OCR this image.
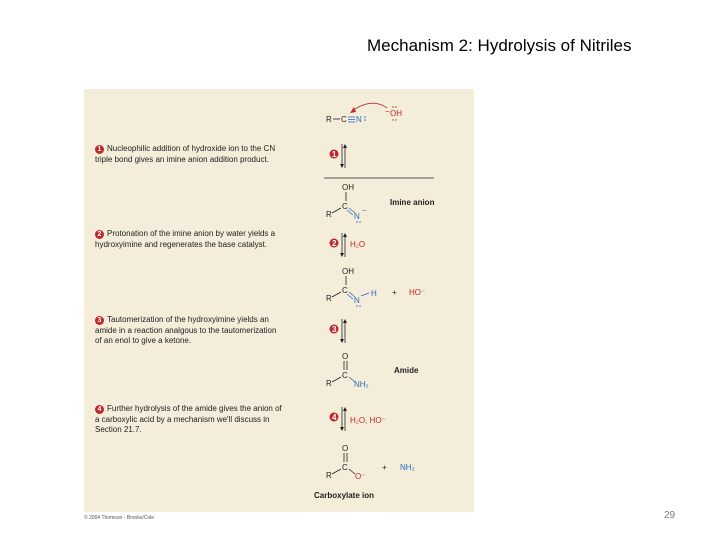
Mechanism 2: Hydrolysis of Nitriles
1 Nucleophilic addition of hydroxide ion to the CN triple bond gives an imine anion addition product.
2 Protonation of the imine anion by water yields a hydroxyimine and regenerates the base catalyst.
3 Tautomerization of the hydroxyimine yields an amide in a reaction analgous to the tautomerization of an enol to give a ketone.
4 Further hydrolysis of the amide gives the anion of a carboxylic acid by a mechanism we'll discuss in Section 21.7.
R C N
OH
−
1
OH
C
R	N
−
Imine anion
2 H₂O
OH
C
R	N
H + HO⁻
3
O
C
R	NH₂
Amide
4 H₂O, HO⁻
O
C
R	O⁻
+ NH₃
Carboxylate ion
© 2004 Thomson - Brooks/Cole	29
